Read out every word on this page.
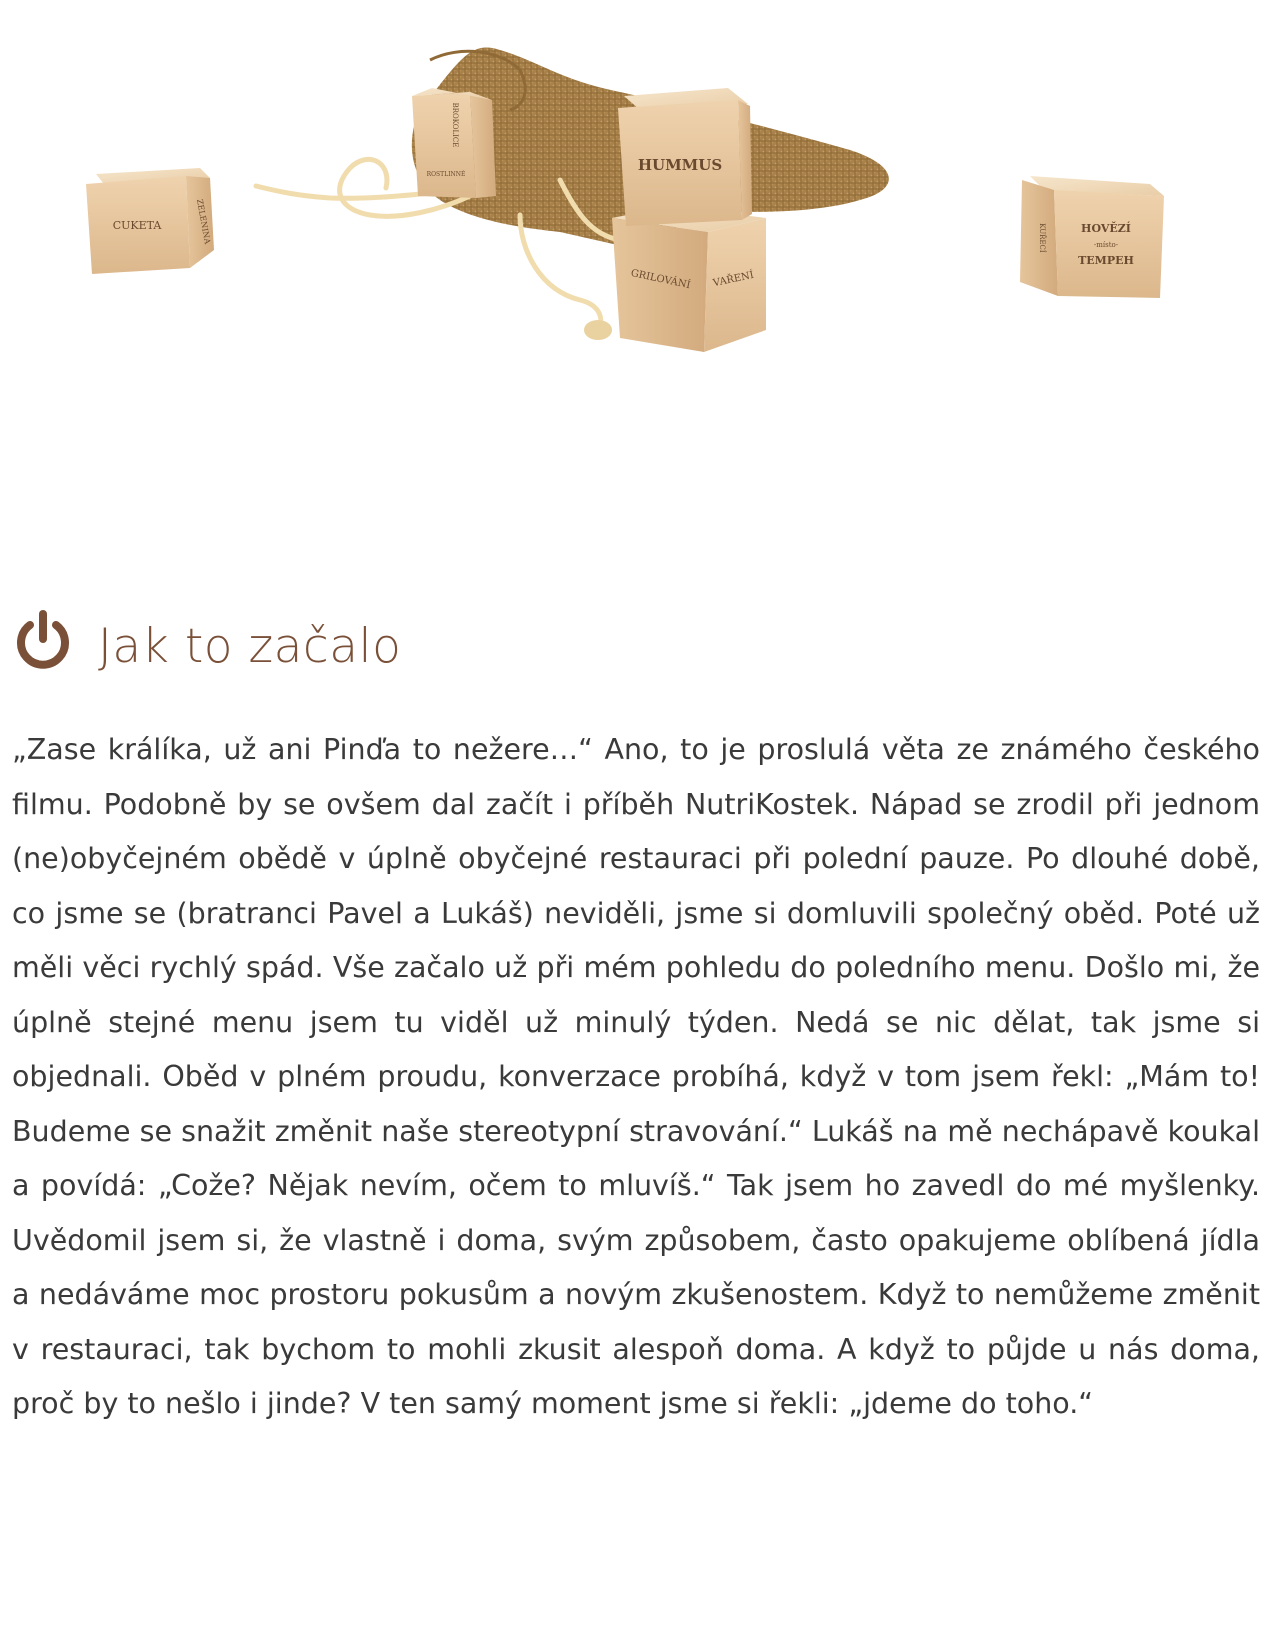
CUKETA	ZELENINA
BROKOLICE
ROSTLINNÉ
GRILOVÁNÍ VAŘENÍ
HUMMUS
KUŘECÍ	HOVĚZÍ
-místo-
TEMPEH
Jak to začalo

„Zase králíka, už ani Pinďa to nežere…“ Ano, to je proslulá věta ze známého českého filmu. Podobně by se ovšem dal začít i příběh NutriKostek. Nápad se zrodil při jednom (ne)obyčejném obědě v úplně obyčejné restauraci při polední pauze. Po dlouhé době, co jsme se (bratranci Pavel a Lukáš) neviděli, jsme si domluvili společný oběd. Poté už měli věci rychlý spád. Vše začalo už při mém pohledu do poledního menu. Došlo mi, že úplně stejné menu jsem tu viděl už minulý týden. Nedá se nic dělat, tak jsme si objednali. Oběd v plném proudu, konverzace probíhá, když v tom jsem řekl: „Mám to! Budeme se snažit změnit naše stereotypní stravování.“ Lukáš na mě nechápavě koukal a povídá: „Cože? Nějak nevím, očem to mluvíš.“ Tak jsem ho zavedl do mé myšlenky. Uvědomil jsem si, že vlastně i doma, svým způsobem, často opakujeme oblíbená jídla a nedáváme moc prostoru pokusům a novým zkušenostem. Když to nemůžeme změnit v restauraci, tak bychom to mohli zkusit alespoň doma. A když to půjde u nás doma, proč by to nešlo i jinde? V ten samý moment jsme si řekli: „jdeme do toho.“
